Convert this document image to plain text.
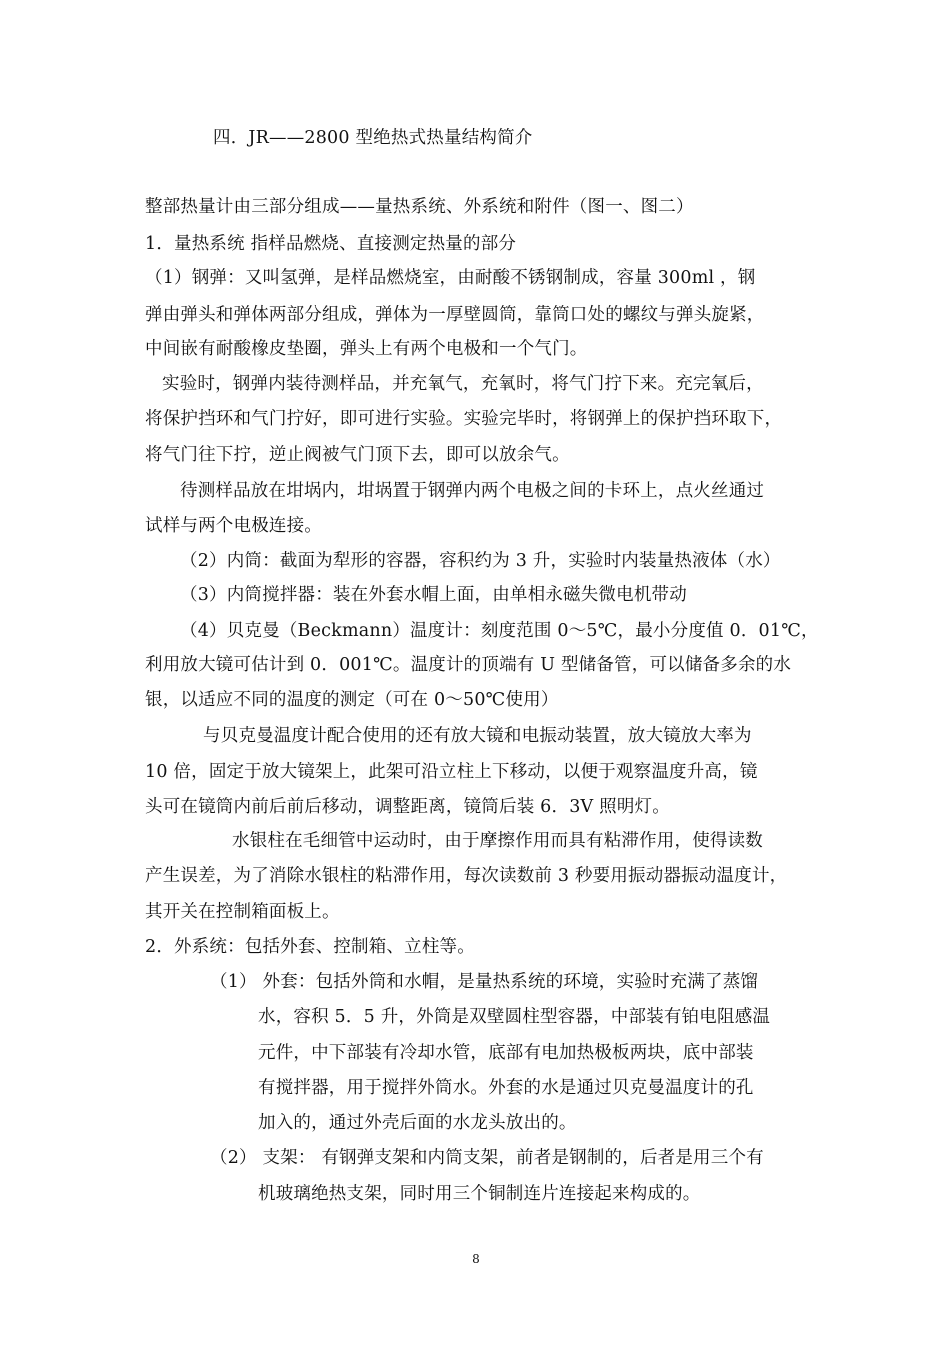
四．JR——2800 型绝热式热量结构简介
整部热量计由三部分组成——量热系统、外系统和附件（图一、图二）
1．量热系统 指样品燃烧、直接测定热量的部分
（1）钢弹：又叫氢弹，是样品燃烧室，由耐酸不锈钢制成，容量 300ml ，钢
弹由弹头和弹体两部分组成，弹体为一厚壁圆筒，靠筒口处的螺纹与弹头旋紧，
中间嵌有耐酸橡皮垫圈，弹头上有两个电极和一个气门。
实验时，钢弹内装待测样品，并充氧气，充氧时，将气门拧下来。充完氧后，
将保护挡环和气门拧好，即可进行实验。实验完毕时，将钢弹上的保护挡环取下，
将气门往下拧，逆止阀被气门顶下去，即可以放余气。
待测样品放在坩埚内，坩埚置于钢弹内两个电极之间的卡环上，点火丝通过
试样与两个电极连接。
（2）内筒：截面为犁形的容器，容积约为 3 升，实验时内装量热液体（水）
（3）内筒搅拌器：装在外套水帽上面，由单相永磁失微电机带动
（4）贝克曼（Beckmann）温度计：刻度范围 0～5℃，最小分度值 0．01℃，
利用放大镜可估计到 0．001℃。温度计的顶端有 U 型储备管，可以储备多余的水
银，以适应不同的温度的测定（可在 0～50℃使用）
与贝克曼温度计配合使用的还有放大镜和电振动装置，放大镜放大率为
10 倍，固定于放大镜架上，此架可沿立柱上下移动，以便于观察温度升高，镜
头可在镜筒内前后前后移动，调整距离，镜筒后装 6．3V 照明灯。
水银柱在毛细管中运动时，由于摩擦作用而具有粘滞作用，使得读数
产生误差，为了消除水银柱的粘滞作用，每次读数前 3 秒要用振动器振动温度计，
其开关在控制箱面板上。
2．外系统：包括外套、控制箱、立柱等。
（1） 外套：包括外筒和水帽，是量热系统的环境，实验时充满了蒸馏
水，容积 5．5 升，外筒是双壁圆柱型容器，中部装有铂电阻感温
元件，中下部装有冷却水管，底部有电加热极板两块，底中部装
有搅拌器，用于搅拌外筒水。外套的水是通过贝克曼温度计的孔
加入的，通过外壳后面的水龙头放出的。
（2） 支架： 有钢弹支架和内筒支架，前者是钢制的，后者是用三个有
机玻璃绝热支架，同时用三个铜制连片连接起来构成的。
8
